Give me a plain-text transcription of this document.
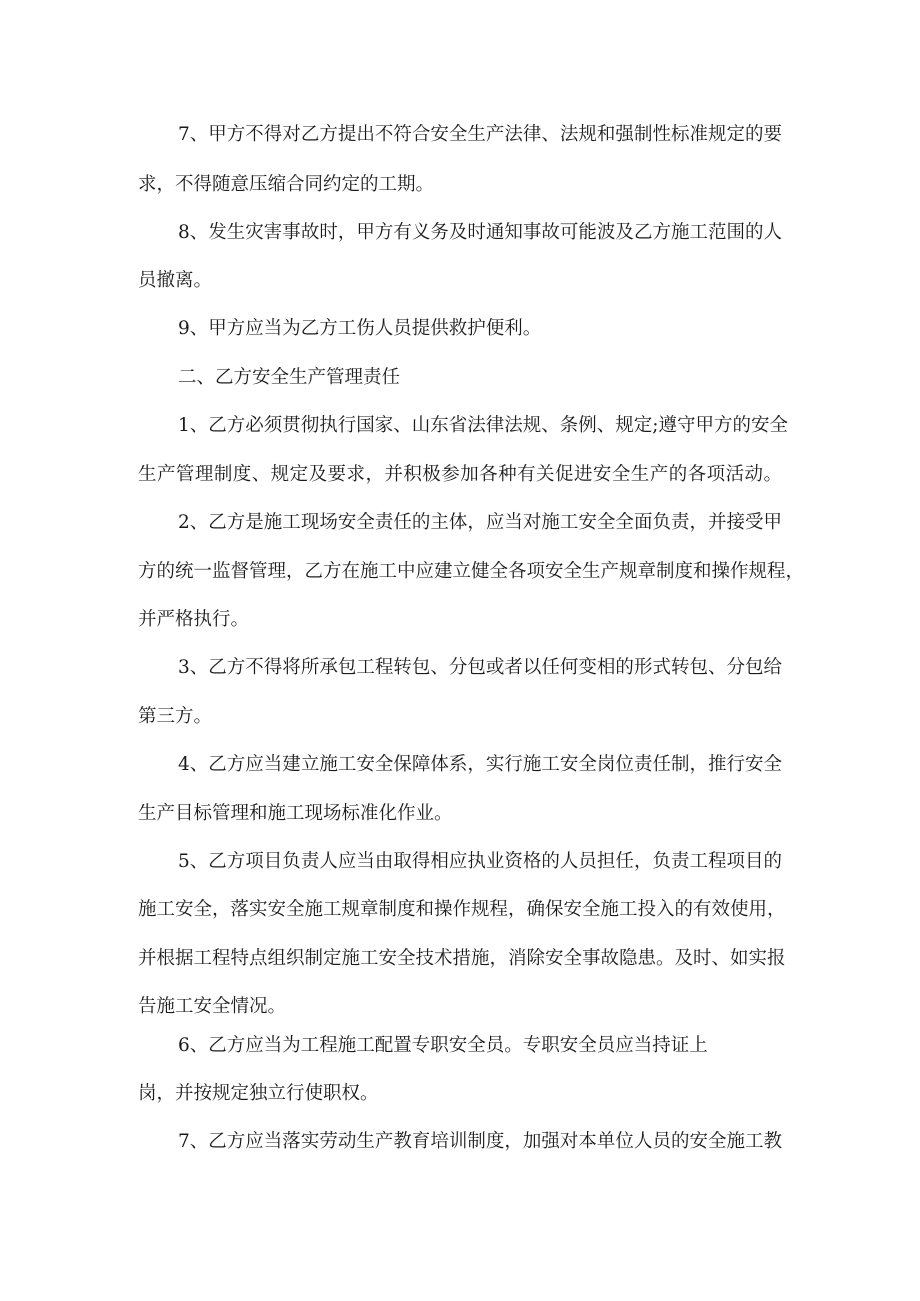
7、甲方不得对乙方提出不符合安全生产法律、法规和强制性标准规定的要
求，不得随意压缩合同约定的工期。
8、发生灾害事故时，甲方有义务及时通知事故可能波及乙方施工范围的人
员撤离。
9、甲方应当为乙方工伤人员提供救护便利。
二、乙方安全生产管理责任
1、乙方必须贯彻执行国家、山东省法律法规、条例、规定;遵守甲方的安全
生产管理制度、规定及要求，并积极参加各种有关促进安全生产的各项活动。
2、乙方是施工现场安全责任的主体，应当对施工安全全面负责，并接受甲
方的统一监督管理，乙方在施工中应建立健全各项安全生产规章制度和操作规程，
并严格执行。
3、乙方不得将所承包工程转包、分包或者以任何变相的形式转包、分包给
第三方。
4、乙方应当建立施工安全保障体系，实行施工安全岗位责任制，推行安全
生产目标管理和施工现场标准化作业。
5、乙方项目负责人应当由取得相应执业资格的人员担任，负责工程项目的
施工安全，落实安全施工规章制度和操作规程，确保安全施工投入的有效使用，
并根据工程特点组织制定施工安全技术措施，消除安全事故隐患。及时、如实报
告施工安全情况。
6、乙方应当为工程施工配置专职安全员。专职安全员应当持证上
岗，并按规定独立行使职权。
7、乙方应当落实劳动生产教育培训制度，加强对本单位人员的安全施工教
